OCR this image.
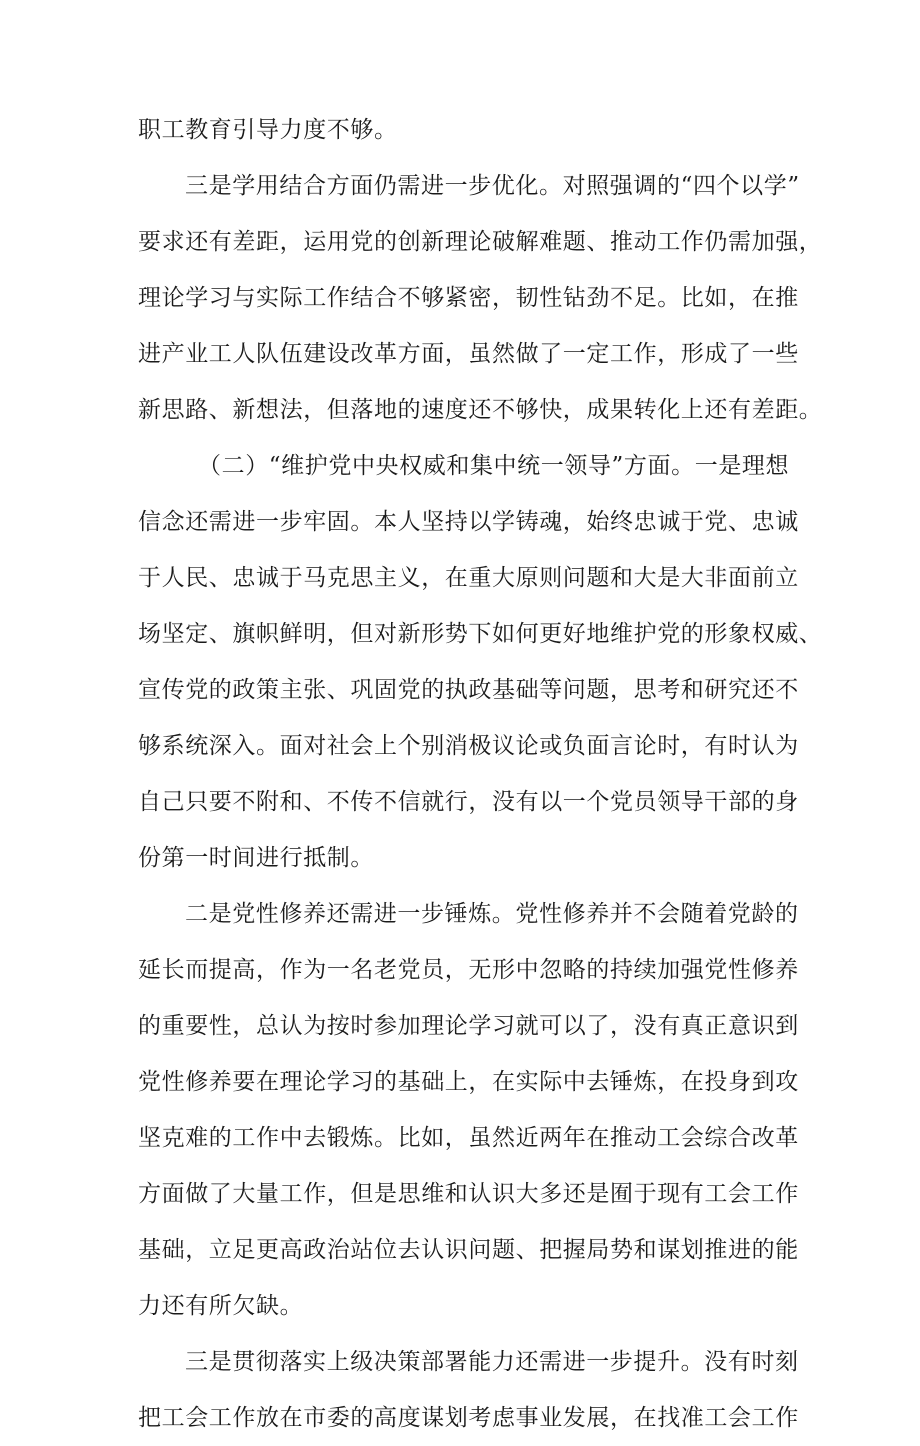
职工教育引导力度不够。
三是学用结合方面仍需进一步优化。对照强调的“四个以学”
要求还有差距，运用党的创新理论破解难题、推动工作仍需加强，
理论学习与实际工作结合不够紧密，韧性钻劲不足。比如，在推
进产业工人队伍建设改革方面，虽然做了一定工作，形成了一些
新思路、新想法，但落地的速度还不够快，成果转化上还有差距。
（二）“维护党中央权威和集中统一领导”方面。一是理想
信念还需进一步牢固。本人坚持以学铸魂，始终忠诚于党、忠诚
于人民、忠诚于马克思主义，在重大原则问题和大是大非面前立
场坚定、旗帜鲜明，但对新形势下如何更好地维护党的形象权威、
宣传党的政策主张、巩固党的执政基础等问题，思考和研究还不
够系统深入。面对社会上个别消极议论或负面言论时，有时认为
自己只要不附和、不传不信就行，没有以一个党员领导干部的身
份第一时间进行抵制。
二是党性修养还需进一步锤炼。党性修养并不会随着党龄的
延长而提高，作为一名老党员，无形中忽略的持续加强党性修养
的重要性，总认为按时参加理论学习就可以了，没有真正意识到
党性修养要在理论学习的基础上，在实际中去锤炼，在投身到攻
坚克难的工作中去锻炼。比如，虽然近两年在推动工会综合改革
方面做了大量工作，但是思维和认识大多还是囿于现有工会工作
基础，立足更高政治站位去认识问题、把握局势和谋划推进的能
力还有所欠缺。
三是贯彻落实上级决策部署能力还需进一步提升。没有时刻
把工会工作放在市委的高度谋划考虑事业发展，在找准工会工作
